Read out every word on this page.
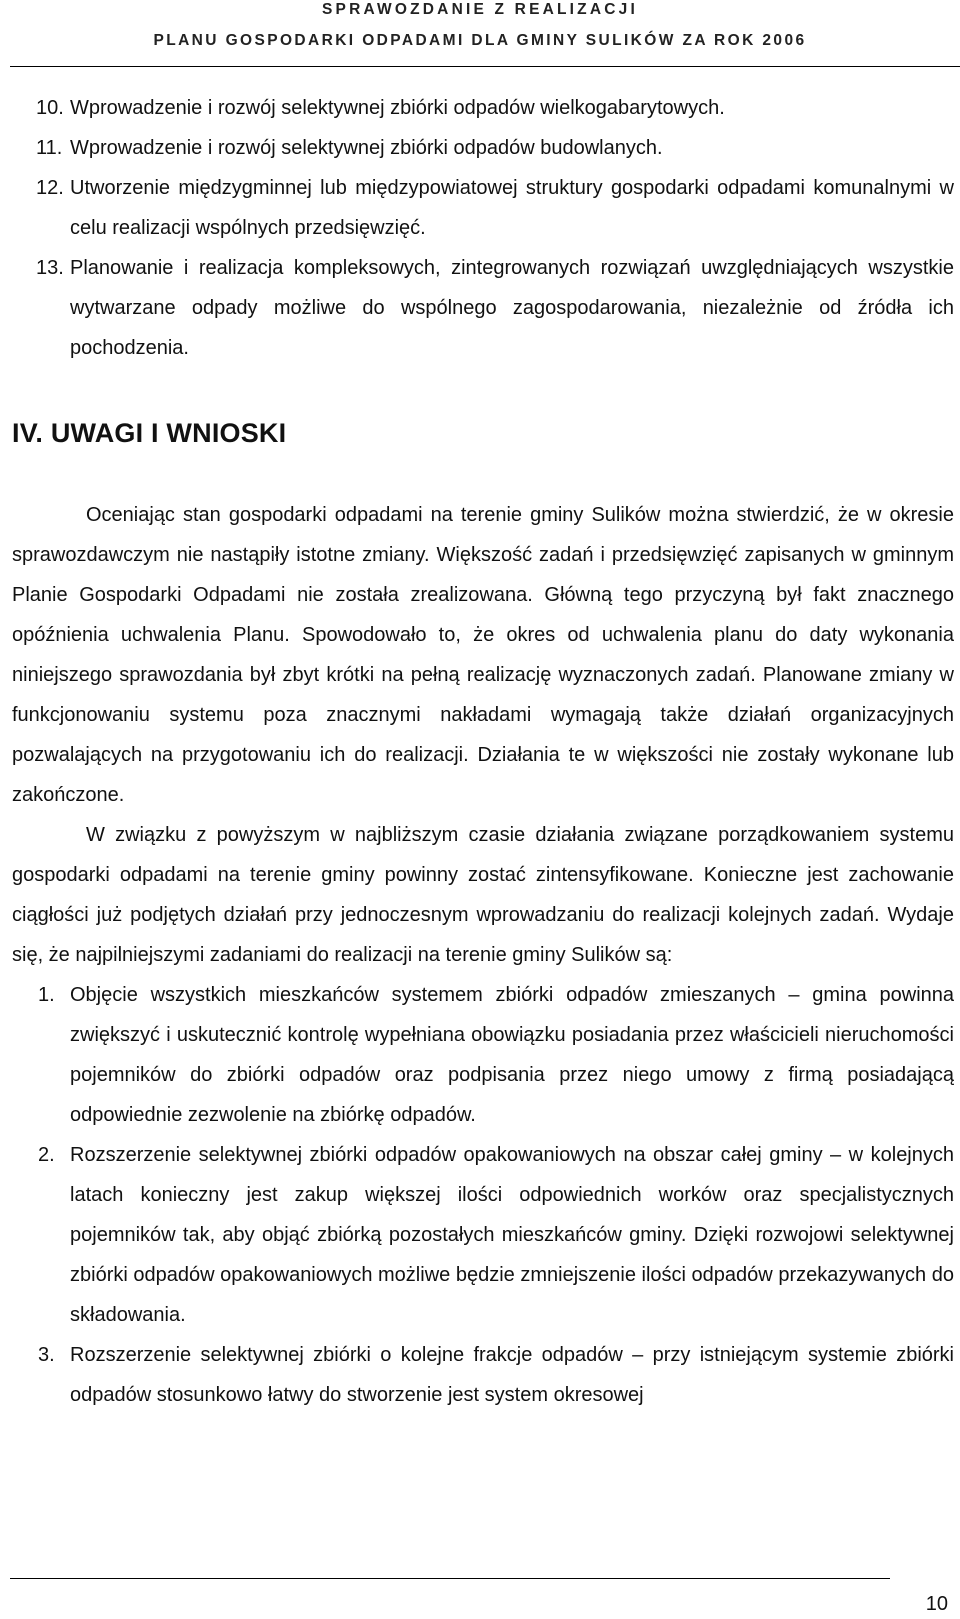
SPRAWOZDANIE Z REALIZACJI
PLANU GOSPODARKI ODPADAMI DLA GMINY SULIKÓW ZA ROK 2006

10. Wprowadzenie i rozwój selektywnej zbiórki odpadów wielkogabarytowych.

11. Wprowadzenie i rozwój selektywnej zbiórki odpadów budowlanych.

12. Utworzenie międzygminnej lub międzypowiatowej struktury gospodarki odpadami komunalnymi w celu realizacji wspólnych przedsięwzięć.

13. Planowanie i realizacja kompleksowych, zintegrowanych rozwiązań uwzględniających wszystkie wytwarzane odpady możliwe do wspólnego zagospodarowania, niezależnie od źródła ich pochodzenia.

IV. UWAGI I WNIOSKI

Oceniając stan gospodarki odpadami na terenie gminy Sulików można stwierdzić, że w okresie sprawozdawczym nie nastąpiły istotne zmiany. Większość zadań i przedsięwzięć zapisanych w gminnym Planie Gospodarki Odpadami nie została zrealizowana. Główną tego przyczyną był fakt znacznego opóźnienia uchwalenia Planu. Spowodowało to, że okres od uchwalenia planu do daty wykonania niniejszego sprawozdania był zbyt krótki na pełną realizację wyznaczonych zadań. Planowane zmiany w funkcjonowaniu systemu poza znacznymi nakładami wymagają także działań organizacyjnych pozwalających na przygotowaniu ich do realizacji. Działania te w większości nie zostały wykonane lub zakończone.

W związku z powyższym w najbliższym czasie działania związane porządkowaniem systemu gospodarki odpadami na terenie gminy powinny zostać zintensyfikowane. Konieczne jest zachowanie ciągłości już podjętych działań przy jednoczesnym wprowadzaniu do realizacji kolejnych zadań. Wydaje się, że najpilniejszymi zadaniami do realizacji na terenie gminy Sulików są:

1. Objęcie wszystkich mieszkańców systemem zbiórki odpadów zmieszanych – gmina powinna zwiększyć i uskutecznić kontrolę wypełniana obowiązku posiadania przez właścicieli nieruchomości pojemników do zbiórki odpadów oraz podpisania przez niego umowy z firmą posiadającą odpowiednie zezwolenie na zbiórkę odpadów.

2. Rozszerzenie selektywnej zbiórki odpadów opakowaniowych na obszar całej gminy – w kolejnych latach konieczny jest zakup większej ilości odpowiednich worków oraz specjalistycznych pojemników tak, aby objąć zbiórką pozostałych mieszkańców gminy. Dzięki rozwojowi selektywnej zbiórki odpadów opakowaniowych możliwe będzie zmniejszenie ilości odpadów przekazywanych do składowania.

3. Rozszerzenie selektywnej zbiórki o kolejne frakcje odpadów – przy istniejącym systemie zbiórki odpadów stosunkowo łatwy do stworzenie jest system okresowej

10
